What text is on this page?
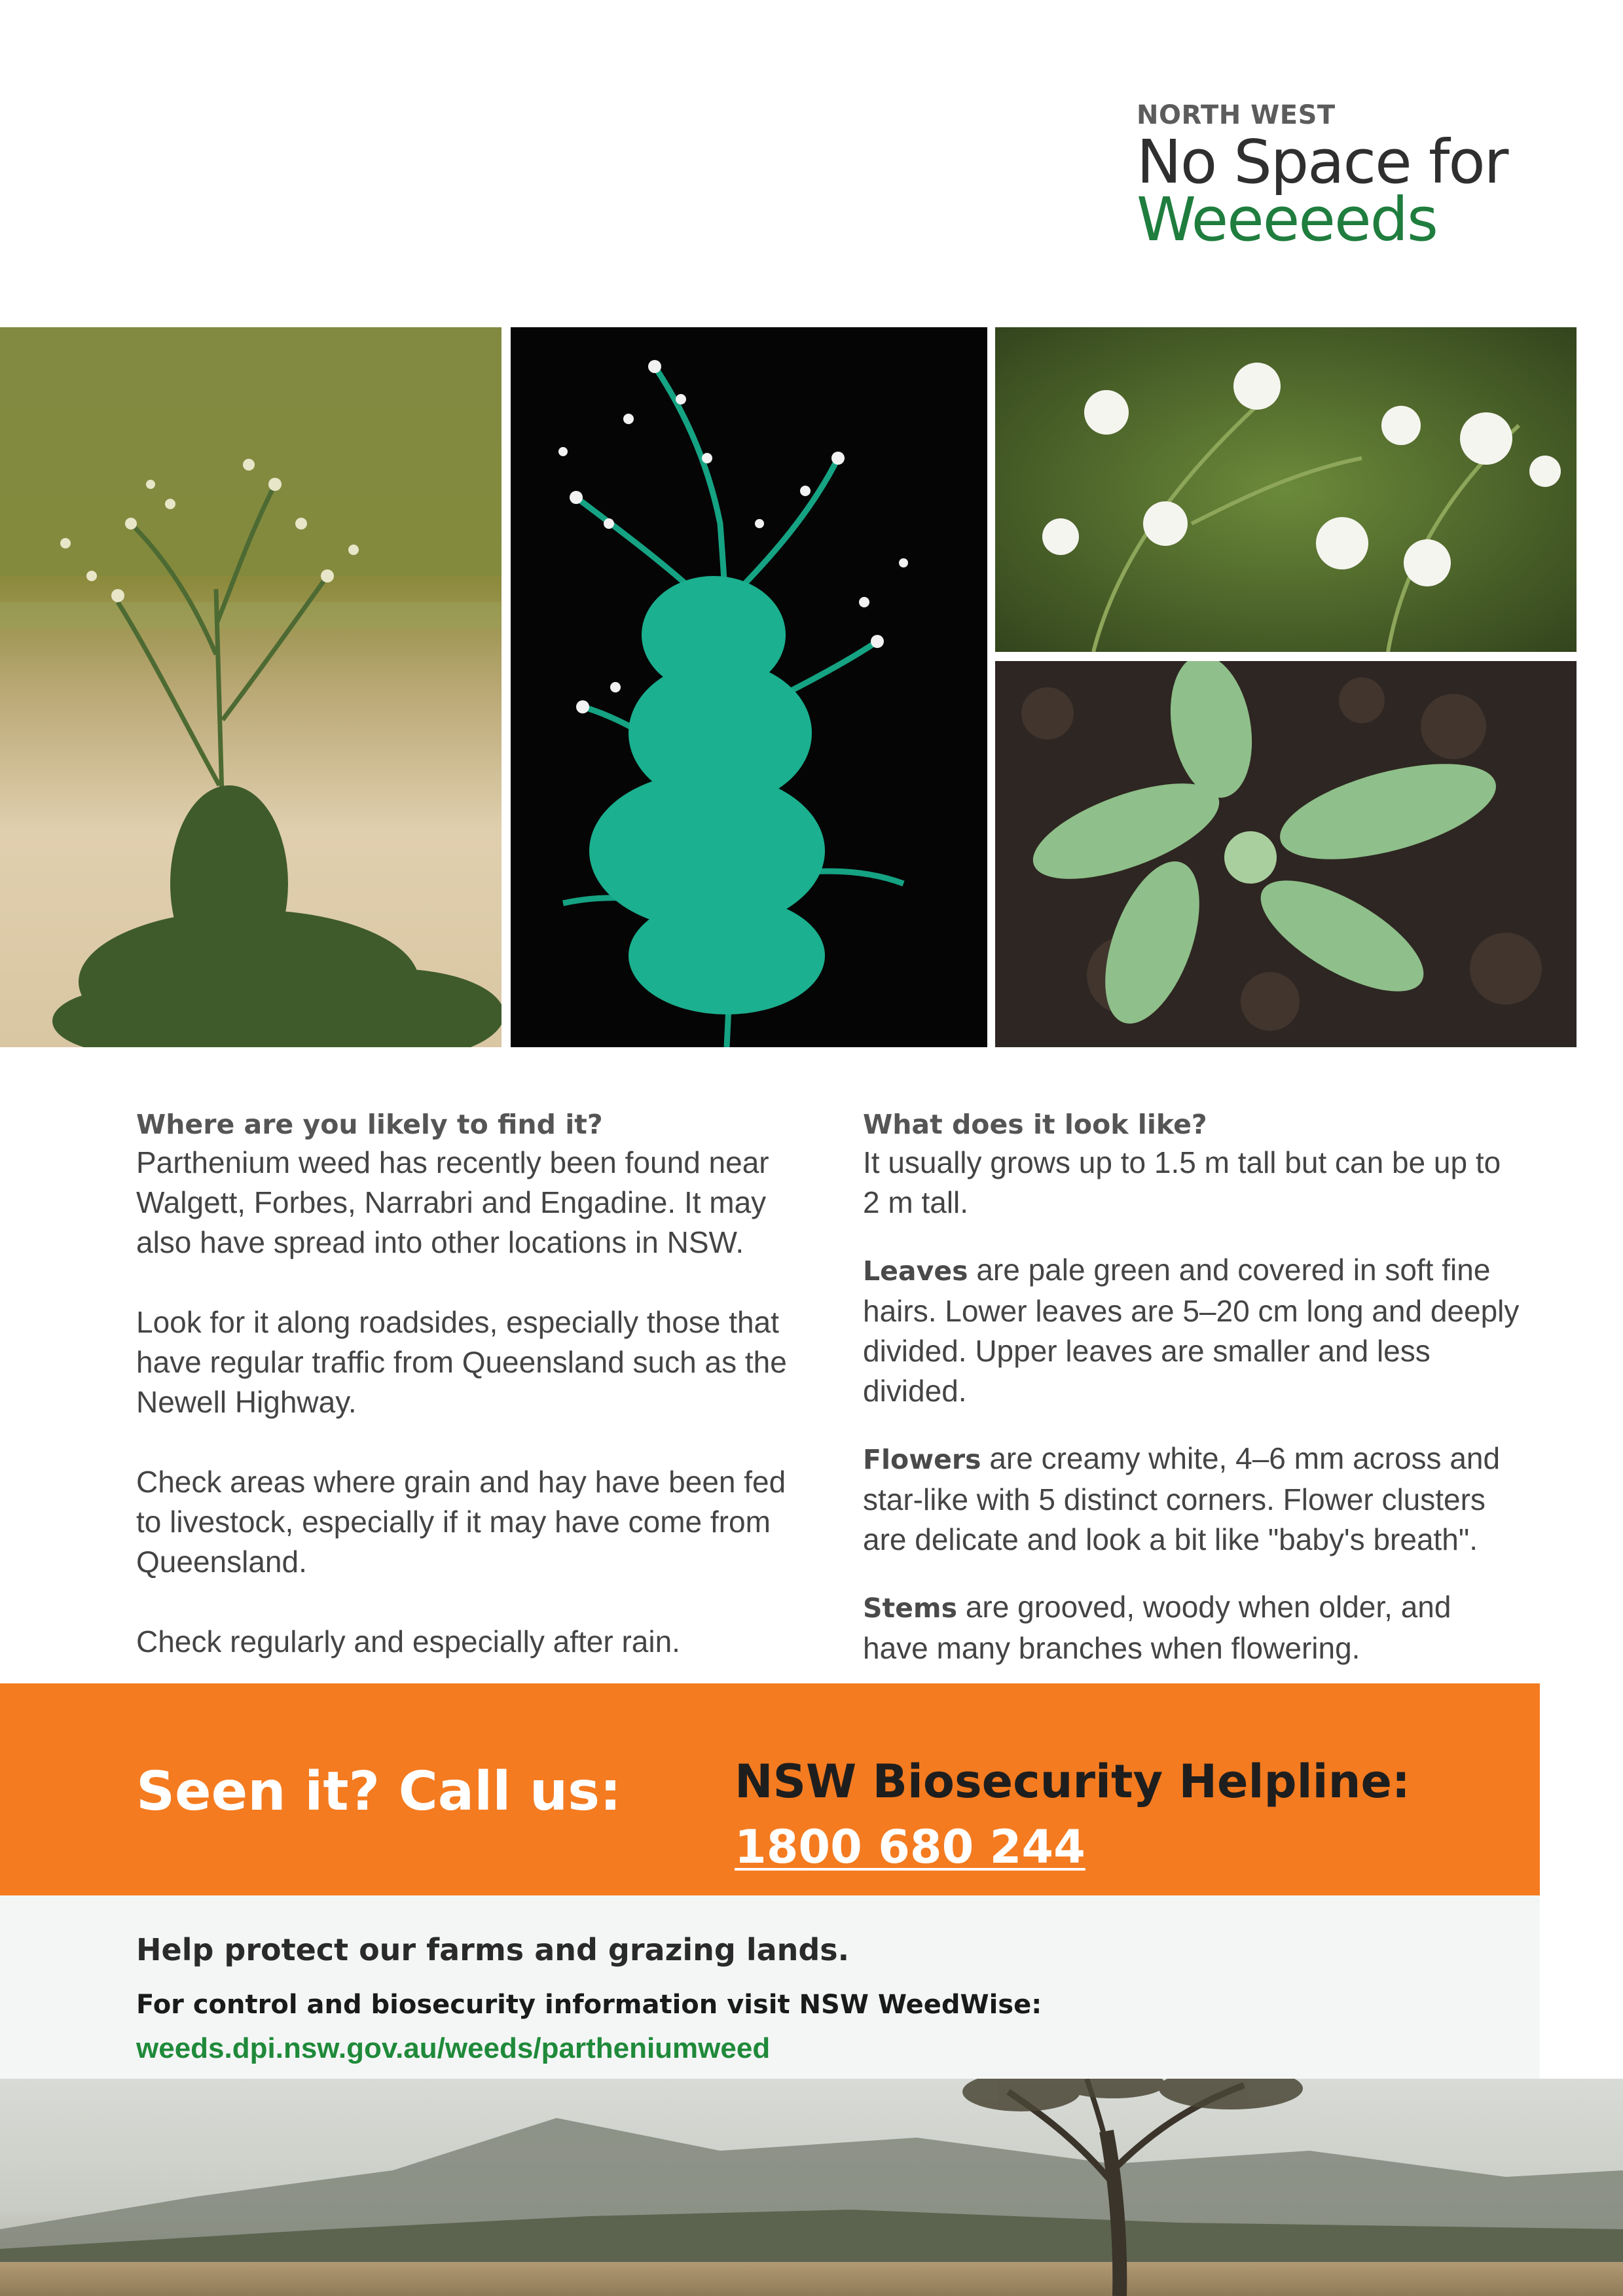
NORTH WEST
No Space for
Weeeeeds
Where are you likely to find it?

Parthenium weed has recently been found near Walgett, Forbes, Narrabri and Engadine. It may also have spread into other locations in NSW.

Look for it along roadsides, especially those that have regular traffic from Queensland such as the Newell Highway.

Check areas where grain and hay have been fed to livestock, especially if it may have come from Queensland.

Check regularly and especially after rain.

What does it look like?

It usually grows up to 1.5 m tall but can be up to 2 m tall.

Leaves are pale green and covered in soft fine hairs. Lower leaves are 5–20 cm long and deeply divided. Upper leaves are smaller and less divided.

Flowers are creamy white, 4–6 mm across and star-like with 5 distinct corners. Flower clusters are delicate and look a bit like "baby's breath".

Stems are grooved, woody when older, and have many branches when flowering.

Seen it? Call us: NSW Biosecurity Helpline:
1800 680 244
Help protect our farms and grazing lands.
For control and biosecurity information visit NSW WeedWise:
weeds.dpi.nsw.gov.au/weeds/partheniumweed
